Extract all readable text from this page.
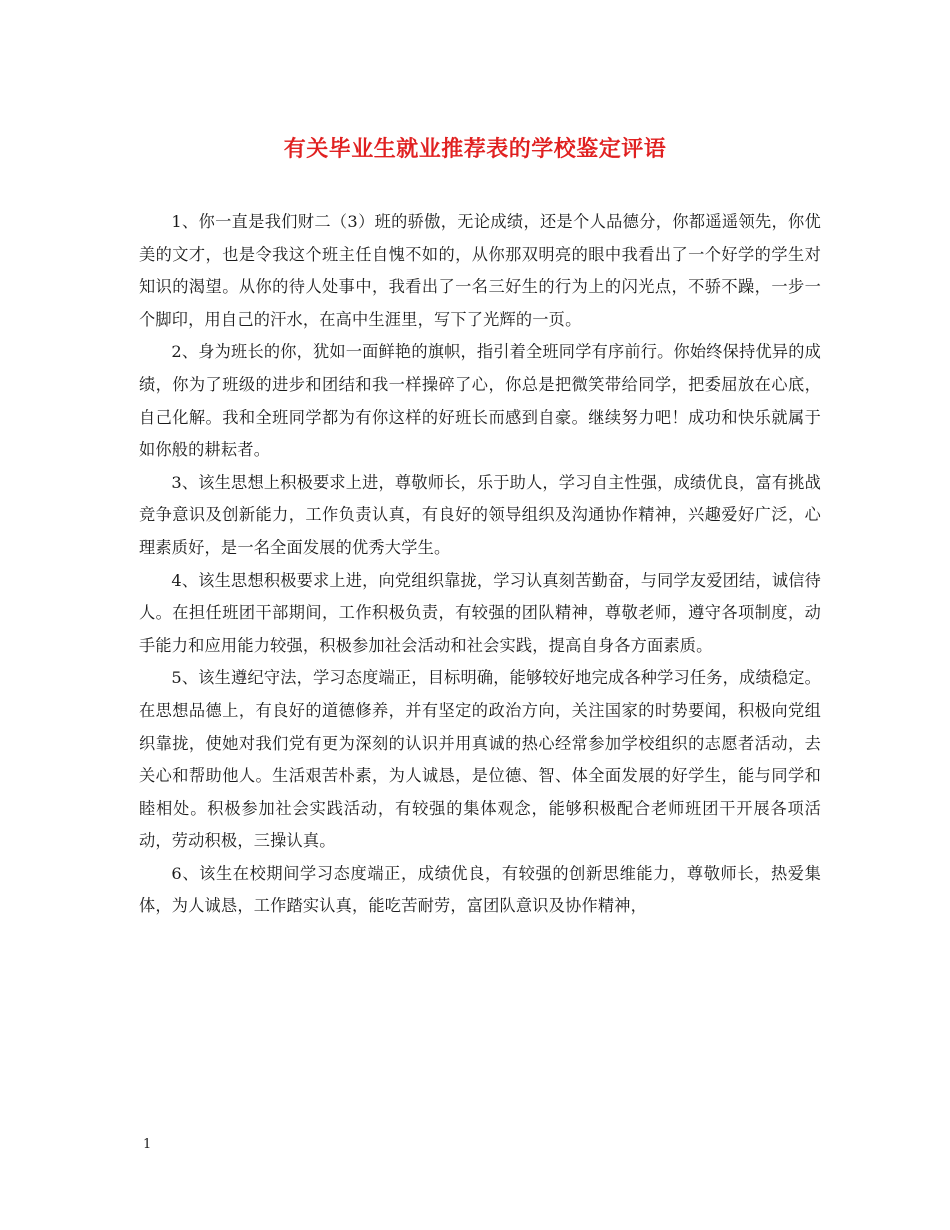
有关毕业生就业推荐表的学校鉴定评语

1、你一直是我们财二（3）班的骄傲，无论成绩，还是个人品德分，你都遥遥领先，你优美的文才，也是令我这个班主任自愧不如的，从你那双明亮的眼中我看出了一个好学的学生对知识的渴望。从你的待人处事中，我看出了一名三好生的行为上的闪光点，不骄不躁，一步一个脚印，用自己的汗水，在高中生涯里，写下了光辉的一页。

2、身为班长的你，犹如一面鲜艳的旗帜，指引着全班同学有序前行。你始终保持优异的成绩，你为了班级的进步和团结和我一样操碎了心，你总是把微笑带给同学，把委屈放在心底，自己化解。我和全班同学都为有你这样的好班长而感到自豪。继续努力吧！成功和快乐就属于如你般的耕耘者。

3、该生思想上积极要求上进，尊敬师长，乐于助人，学习自主性强，成绩优良，富有挑战竞争意识及创新能力，工作负责认真，有良好的领导组织及沟通协作精神，兴趣爱好广泛，心理素质好，是一名全面发展的优秀大学生。

4、该生思想积极要求上进，向党组织靠拢，学习认真刻苦勤奋，与同学友爱团结，诚信待人。在担任班团干部期间，工作积极负责，有较强的团队精神，尊敬老师，遵守各项制度，动手能力和应用能力较强，积极参加社会活动和社会实践，提高自身各方面素质。

5、该生遵纪守法，学习态度端正，目标明确，能够较好地完成各种学习任务，成绩稳定。在思想品德上，有良好的道德修养，并有坚定的政治方向，关注国家的时势要闻，积极向党组织靠拢，使她对我们党有更为深刻的认识并用真诚的热心经常参加学校组织的志愿者活动，去关心和帮助他人。生活艰苦朴素，为人诚恳，是位德、智、体全面发展的好学生，能与同学和睦相处。积极参加社会实践活动，有较强的集体观念，能够积极配合老师班团干开展各项活动，劳动积极，三操认真。

6、该生在校期间学习态度端正，成绩优良，有较强的创新思维能力，尊敬师长，热爱集体，为人诚恳，工作踏实认真，能吃苦耐劳，富团队意识及协作精神，

1
